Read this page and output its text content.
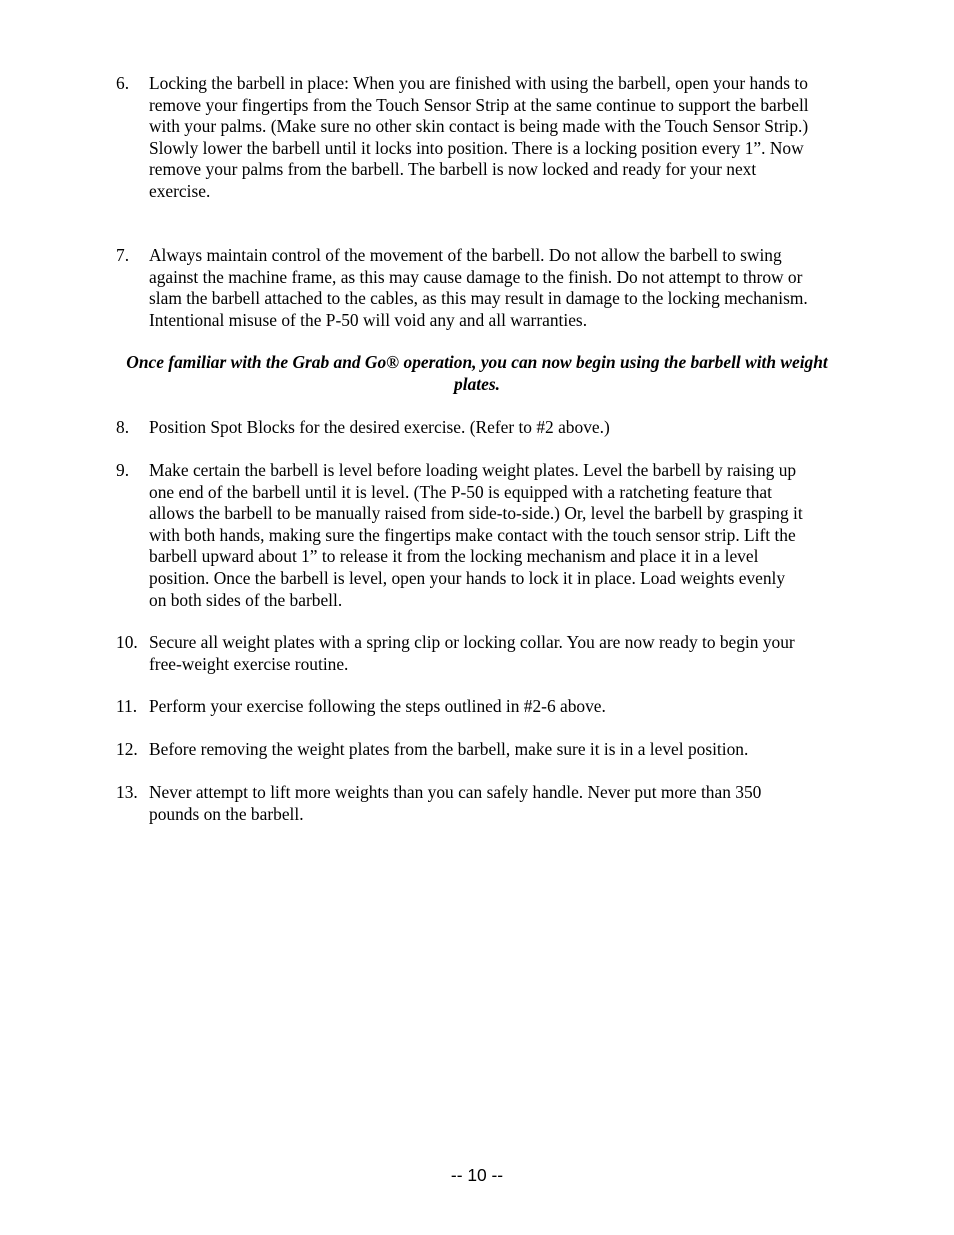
6.	Locking the barbell in place: When you are finished with using the barbell, open your hands to
remove your fingertips from the Touch Sensor Strip at the same continue to support the barbell
with your palms. (Make sure no other skin contact is being made with the Touch Sensor Strip.)
Slowly lower the barbell until it locks into position. There is a locking position every 1”. Now
remove your palms from the barbell. The barbell is now locked and ready for your next
exercise.
7.	Always maintain control of the movement of the barbell. Do not allow the barbell to swing
against the machine frame, as this may cause damage to the finish. Do not attempt to throw or
slam the barbell attached to the cables, as this may result in damage to the locking mechanism.
Intentional misuse of the P-50 will void any and all warranties.
Once familiar with the Grab and Go® operation, you can now begin using the barbell with weight
plates.
8.	Position Spot Blocks for the desired exercise. (Refer to #2 above.)
9.	Make certain the barbell is level before loading weight plates. Level the barbell by raising up
one end of the barbell until it is level. (The P-50 is equipped with a ratcheting feature that
allows the barbell to be manually raised from side-to-side.) Or, level the barbell by grasping it
with both hands, making sure the fingertips make contact with the touch sensor strip. Lift the
barbell upward about 1” to release it from the locking mechanism and place it in a level
position. Once the barbell is level, open your hands to lock it in place. Load weights evenly
on both sides of the barbell.
10. Secure all weight plates with a spring clip or locking collar. You are now ready to begin your
free-weight exercise routine.
11. Perform your exercise following the steps outlined in #2-6 above.
12. Before removing the weight plates from the barbell, make sure it is in a level position.
13. Never attempt to lift more weights than you can safely handle. Never put more than 350
pounds on the barbell.
-- 10 --
